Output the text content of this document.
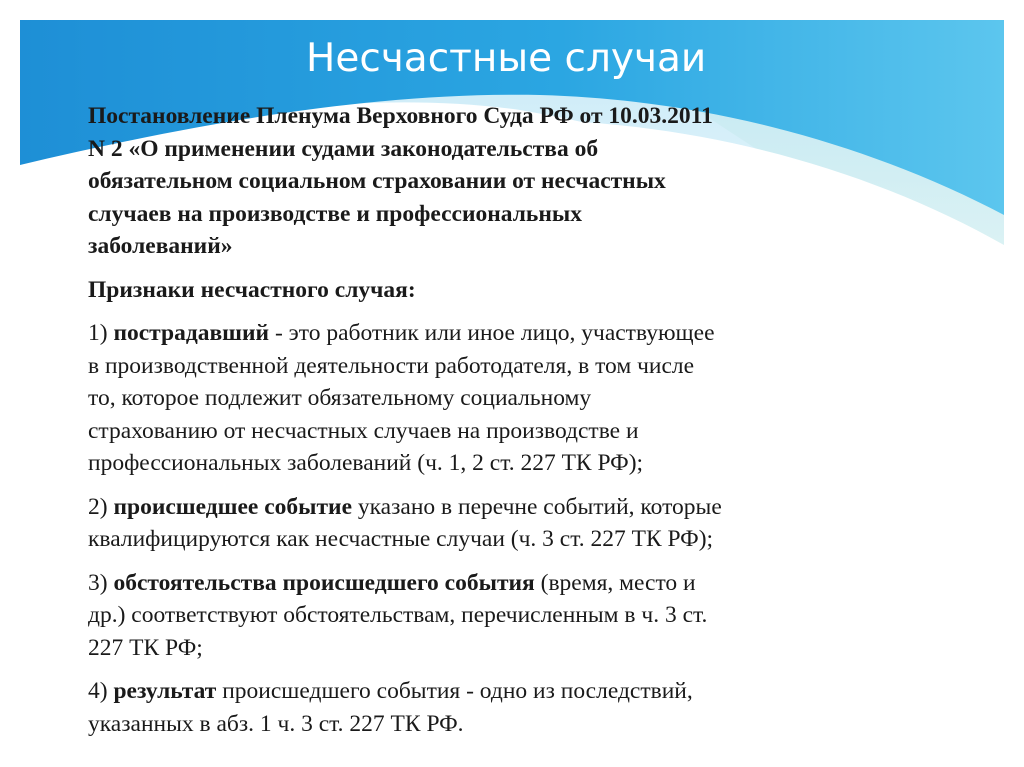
Несчастные случаи

Постановление Пленума Верховного Суда РФ от 10.03.2011
N 2 «О применении судами законодательства об
обязательном социальном страховании от несчастных
случаев на производстве и профессиональных
заболеваний»

Признаки несчастного случая:

1) пострадавший - это работник или иное лицо, участвующее
в производственной деятельности работодателя, в том числе
то, которое подлежит обязательному социальному
страхованию от несчастных случаев на производстве и
профессиональных заболеваний (ч. 1, 2 ст. 227 ТК РФ);

2) происшедшее событие указано в перечне событий, которые
квалифицируются как несчастные случаи (ч. 3 ст. 227 ТК РФ);

3) обстоятельства происшедшего события (время, место и
др.) соответствуют обстоятельствам, перечисленным в ч. 3 ст.
227 ТК РФ;

4) результат происшедшего события - одно из последствий,
указанных в абз. 1 ч. 3 ст. 227 ТК РФ.
